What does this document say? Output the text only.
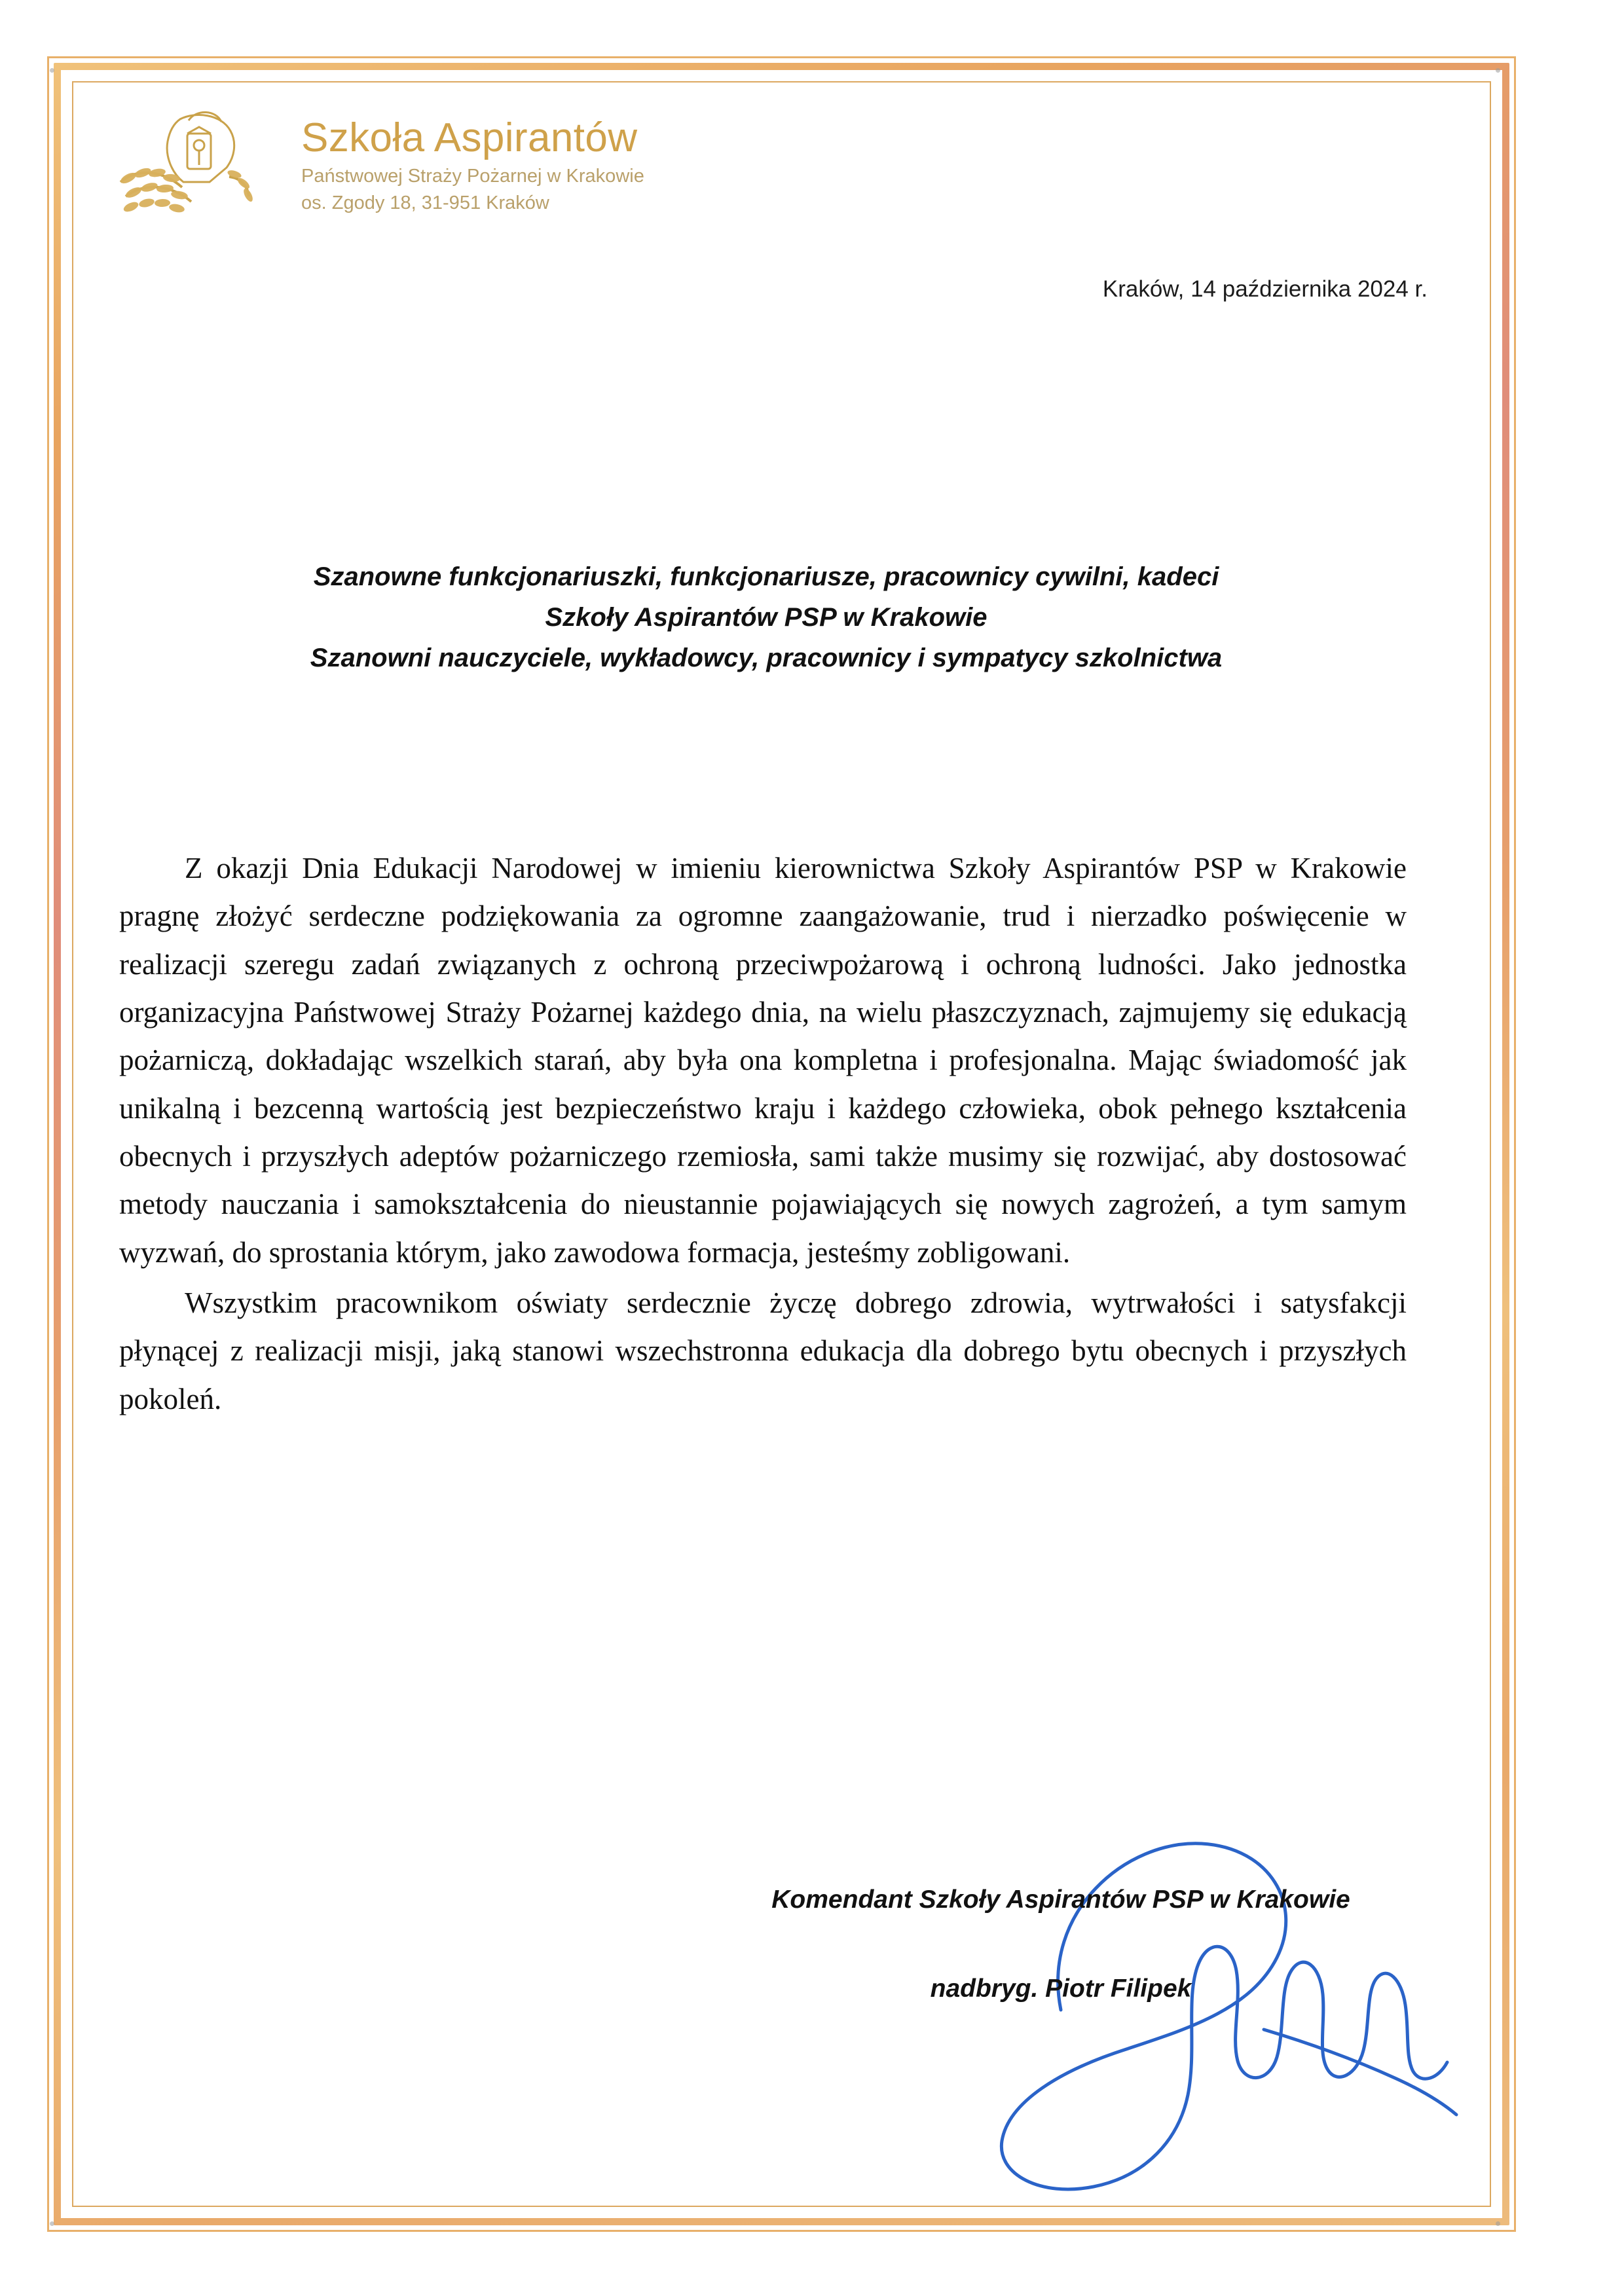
Szkoła Aspirantów
Państwowej Straży Pożarnej w Krakowie
os. Zgody 18, 31-951 Kraków
Kraków, 14 października 2024 r.
Szanowne funkcjonariuszki, funkcjonariusze, pracownicy cywilni, kadeci
Szkoły Aspirantów PSP w Krakowie
Szanowni nauczyciele, wykładowcy, pracownicy i sympatycy szkolnictwa

Z okazji Dnia Edukacji Narodowej w imieniu kierownictwa Szkoły Aspirantów PSP w Krakowie pragnę złożyć serdeczne podziękowania za ogromne zaangażowanie, trud i nierzadko poświęcenie w realizacji szeregu zadań związanych z ochroną przeciwpożarową i ochroną ludności. Jako jednostka organizacyjna Państwowej Straży Pożarnej każdego dnia, na wielu płaszczyznach, zajmujemy się edukacją pożarniczą, dokładając wszelkich starań, aby była ona kompletna i profesjonalna. Mając świadomość jak unikalną i bezcenną wartością jest bezpieczeństwo kraju i każdego człowieka, obok pełnego kształcenia obecnych i przyszłych adeptów pożarniczego rzemiosła, sami także musimy się rozwijać, aby dostosować metody nauczania i samokształcenia do nieustannie pojawiających się nowych zagrożeń, a tym samym wyzwań, do sprostania którym, jako zawodowa formacja, jesteśmy zobligowani.

Wszystkim pracownikom oświaty serdecznie życzę dobrego zdrowia, wytrwałości i satysfakcji płynącej z realizacji misji, jaką stanowi wszechstronna edukacja dla dobrego bytu obecnych i przyszłych pokoleń.

Komendant Szkoły Aspirantów PSP w Krakowie
nadbryg. Piotr Filipek
